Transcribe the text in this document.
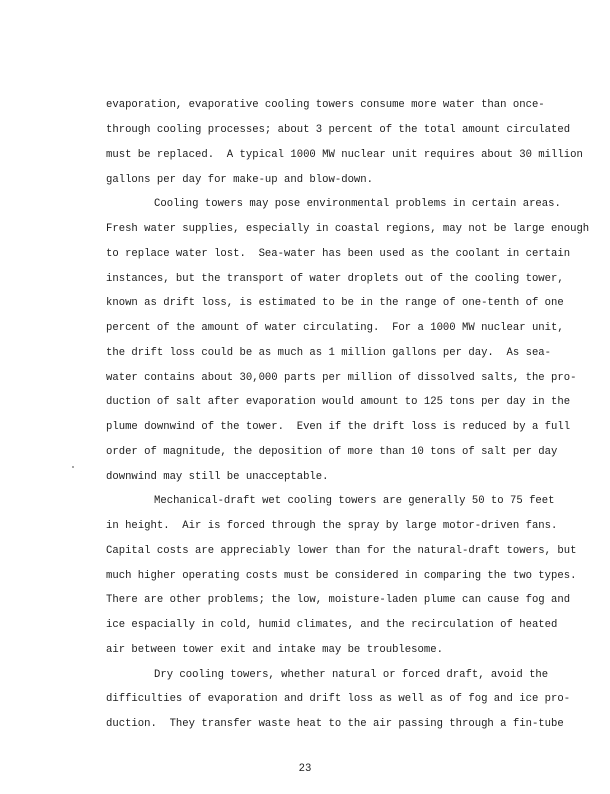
evaporation, evaporative cooling towers consume more water than once-
through cooling processes; about 3 percent of the total amount circulated
must be replaced.  A typical 1000 MW nuclear unit requires about 30 million
gallons per day for make-up and blow-down.
Cooling towers may pose environmental problems in certain areas.
Fresh water supplies, especially in coastal regions, may not be large enough
to replace water lost.  Sea-water has been used as the coolant in certain
instances, but the transport of water droplets out of the cooling tower,
known as drift loss, is estimated to be in the range of one-tenth of one
percent of the amount of water circulating.  For a 1000 MW nuclear unit,
the drift loss could be as much as 1 million gallons per day.  As sea-
water contains about 30,000 parts per million of dissolved salts, the pro-
duction of salt after evaporation would amount to 125 tons per day in the
plume downwind of the tower.  Even if the drift loss is reduced by a full
order of magnitude, the deposition of more than 10 tons of salt per day
downwind may still be unacceptable.
Mechanical-draft wet cooling towers are generally 50 to 75 feet
in height.  Air is forced through the spray by large motor-driven fans.
Capital costs are appreciably lower than for the natural-draft towers, but
much higher operating costs must be considered in comparing the two types.
There are other problems; the low, moisture-laden plume can cause fog and
ice espacially in cold, humid climates, and the recirculation of heated
air between tower exit and intake may be troublesome.
Dry cooling towers, whether natural or forced draft, avoid the
difficulties of evaporation and drift loss as well as of fog and ice pro-
duction.  They transfer waste heat to the air passing through a fin-tube
23
